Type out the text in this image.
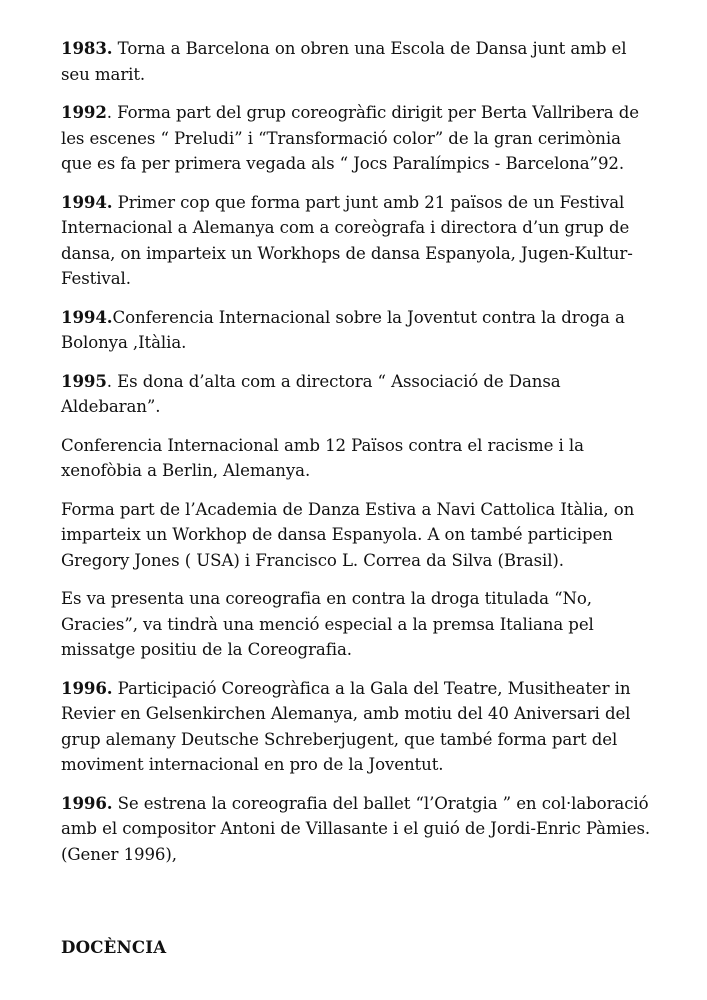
1983. Torna a Barcelona on obren una Escola de Dansa junt amb el seu marit.

1992. Forma part del grup coreogràfic dirigit per Berta Vallribera de les escenes “ Preludi” i “Transformació color” de la gran cerimònia que es fa per primera vegada als “ Jocs Paralímpics - Barcelona”92.

1994. Primer cop que forma part junt amb 21 països de un Festival Internacional a Alemanya com a coreògrafa i directora d’un grup de dansa, on imparteix un Workhops de dansa Espanyola, Jugen-Kultur-Festival.

1994.Conferencia Internacional sobre la Joventut contra la droga a Bolonya ,Itàlia.

1995. Es dona d’alta com a directora “ Associació de Dansa Aldebaran”.

Conferencia Internacional amb 12 Països contra el racisme i la xenofòbia a Berlin, Alemanya.

Forma part de l’Academia de Danza Estiva a Navi Cattolica Itàlia, on imparteix un Workhop de dansa Espanyola. A on també participen Gregory Jones ( USA) i Francisco L. Correa da Silva (Brasil).

Es va presenta una coreografia en contra la droga titulada “No, Gracies”, va tindrà una menció especial a la premsa Italiana pel missatge positiu de la Coreografia.

1996. Participació Coreogràfica a la Gala del Teatre, Musitheater in Revier en Gelsenkirchen Alemanya, amb motiu del 40 Aniversari del grup alemany Deutsche Schreberjugent, que també forma part del moviment internacional en pro de la Joventut.

1996. Se estrena la coreografia del ballet “l’Oratgia ” en col·laboració amb el compositor Antoni de Villasante i el guió de Jordi-Enric Pàmies. (Gener 1996),

DOCÈNCIA
